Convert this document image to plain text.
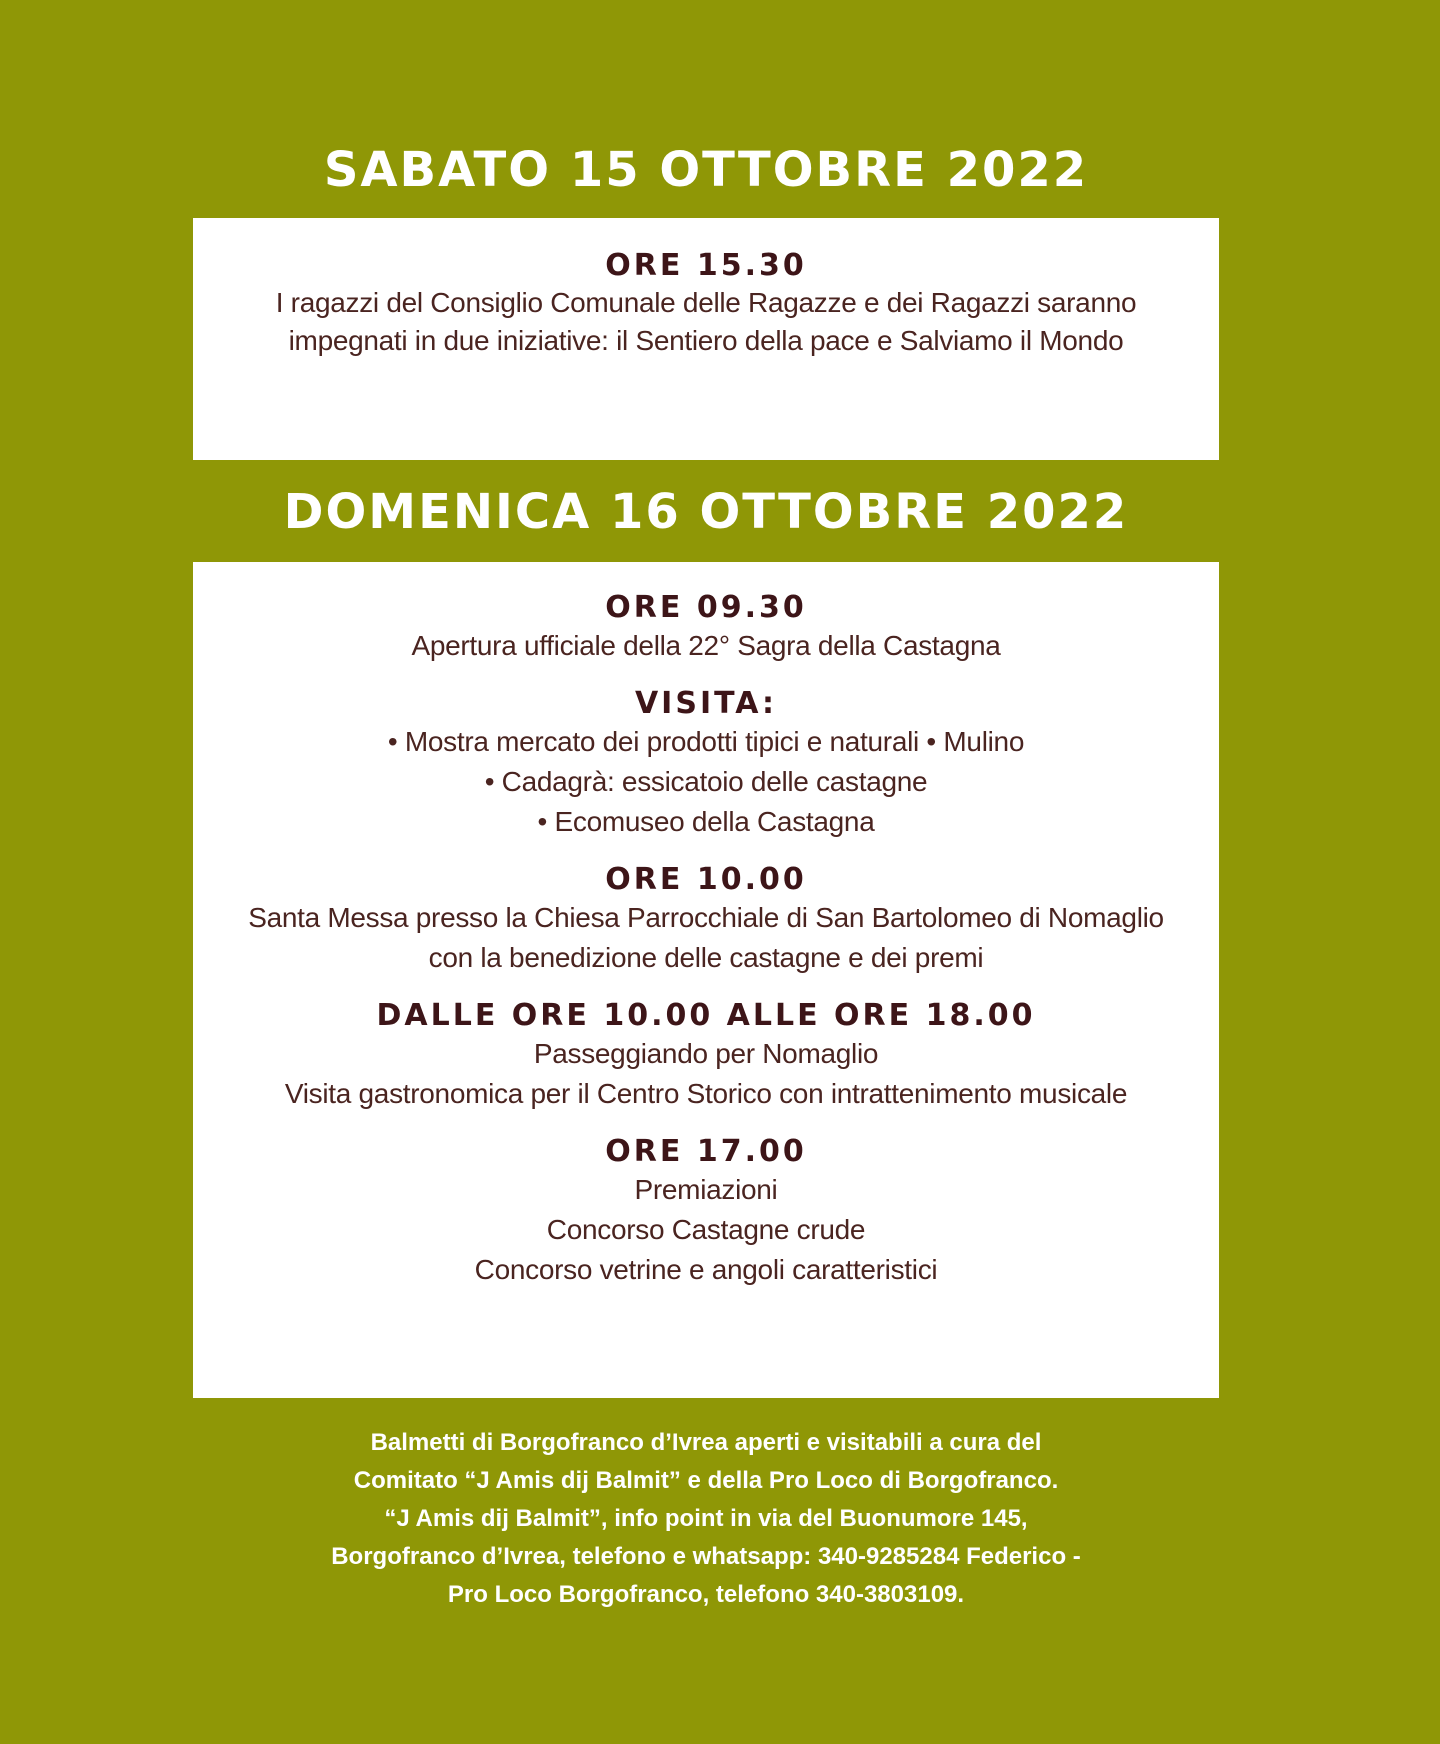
SABATO 15 OTTOBRE 2022

ORE 15.30

I ragazzi del Consiglio Comunale delle Ragazze e dei Ragazzi saranno

impegnati in due iniziative: il Sentiero della pace e Salviamo il Mondo

DOMENICA 16 OTTOBRE 2022

ORE 09.30

Apertura ufficiale della 22° Sagra della Castagna

VISITA:

• Mostra mercato dei prodotti tipici e naturali • Mulino

• Cadagrà: essicatoio delle castagne

• Ecomuseo della Castagna

ORE 10.00

Santa Messa presso la Chiesa Parrocchiale di San Bartolomeo di Nomaglio

con la benedizione delle castagne e dei premi

DALLE ORE 10.00 ALLE ORE 18.00

Passeggiando per Nomaglio

Visita gastronomica per il Centro Storico con intrattenimento musicale

ORE 17.00

Premiazioni

Concorso Castagne crude

Concorso vetrine e angoli caratteristici

Balmetti di Borgofranco d’Ivrea aperti e visitabili a cura del

Comitato “J Amis dij Balmit” e della Pro Loco di Borgofranco.

“J Amis dij Balmit”, info point in via del Buonumore 145,

Borgofranco d’Ivrea, telefono e whatsapp: 340-9285284 Federico -

Pro Loco Borgofranco, telefono 340-3803109.
